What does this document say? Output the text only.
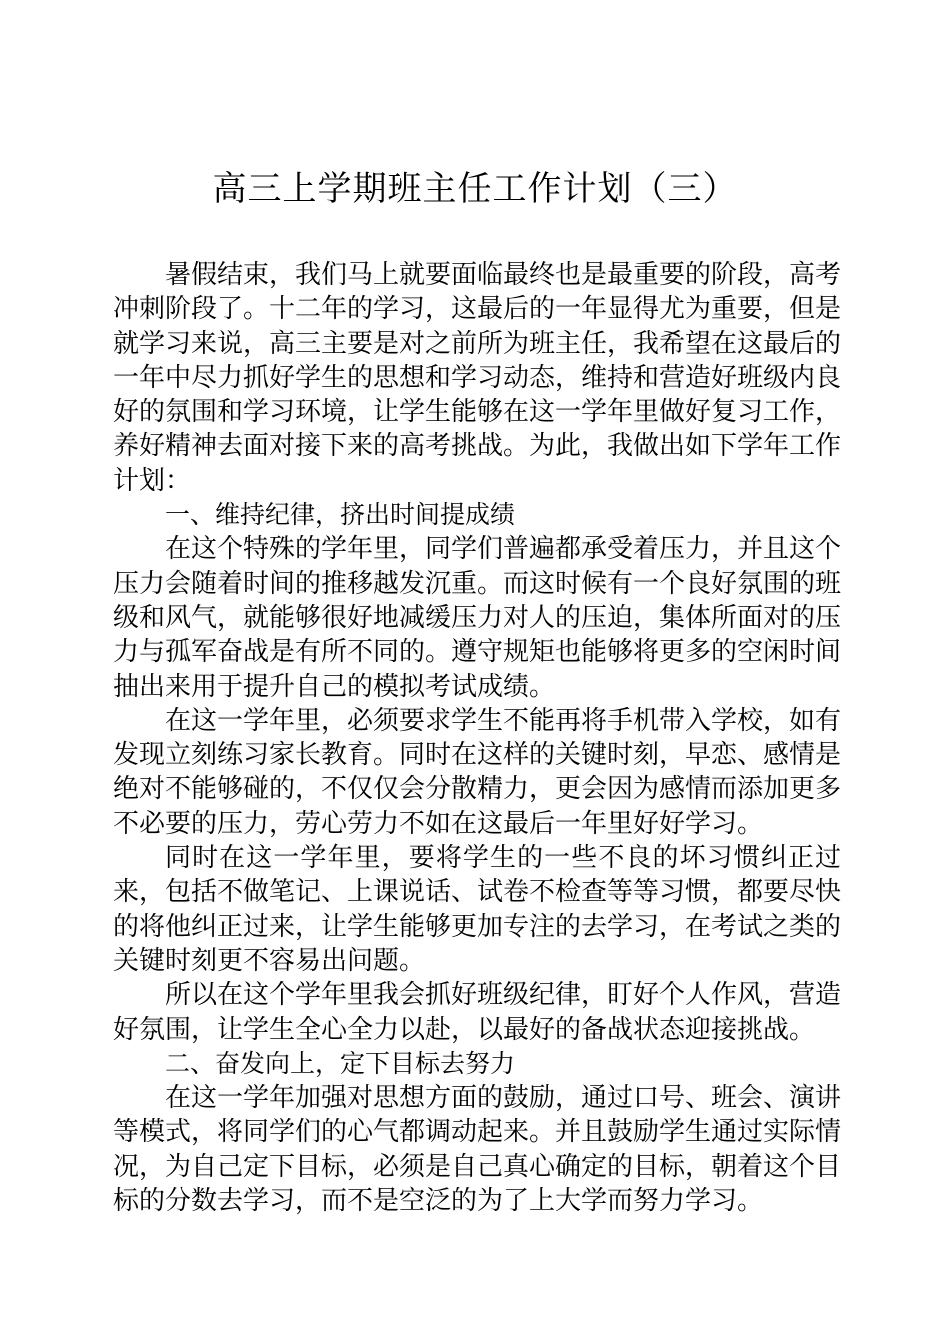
高三上学期班主任工作计划（三）

暑假结束，我们马上就要面临最终也是最重要的阶段，高考冲刺阶段了。十二年的学习，这最后的一年显得尤为重要，但是就学习来说，高三主要是对之前所为班主任，我希望在这最后的一年中尽力抓好学生的思想和学习动态，维持和营造好班级内良好的氛围和学习环境，让学生能够在这一学年里做好复习工作，养好精神去面对接下来的高考挑战。为此，我做出如下学年工作计划：

一、维持纪律，挤出时间提成绩

在这个特殊的学年里，同学们普遍都承受着压力，并且这个压力会随着时间的推移越发沉重。而这时候有一个良好氛围的班级和风气，就能够很好地减缓压力对人的压迫，集体所面对的压力与孤军奋战是有所不同的。遵守规矩也能够将更多的空闲时间抽出来用于提升自己的模拟考试成绩。

在这一学年里，必须要求学生不能再将手机带入学校，如有发现立刻练习家长教育。同时在这样的关键时刻，早恋、感情是绝对不能够碰的，不仅仅会分散精力，更会因为感情而添加更多不必要的压力，劳心劳力不如在这最后一年里好好学习。

同时在这一学年里，要将学生的一些不良的坏习惯纠正过来，包括不做笔记、上课说话、试卷不检查等等习惯，都要尽快的将他纠正过来，让学生能够更加专注的去学习，在考试之类的关键时刻更不容易出问题。

所以在这个学年里我会抓好班级纪律，盯好个人作风，营造好氛围，让学生全心全力以赴，以最好的备战状态迎接挑战。

二、奋发向上，定下目标去努力

在这一学年加强对思想方面的鼓励，通过口号、班会、演讲等模式，将同学们的心气都调动起来。并且鼓励学生通过实际情况，为自己定下目标，必须是自己真心确定的目标，朝着这个目标的分数去学习，而不是空泛的为了上大学而努力学习。
